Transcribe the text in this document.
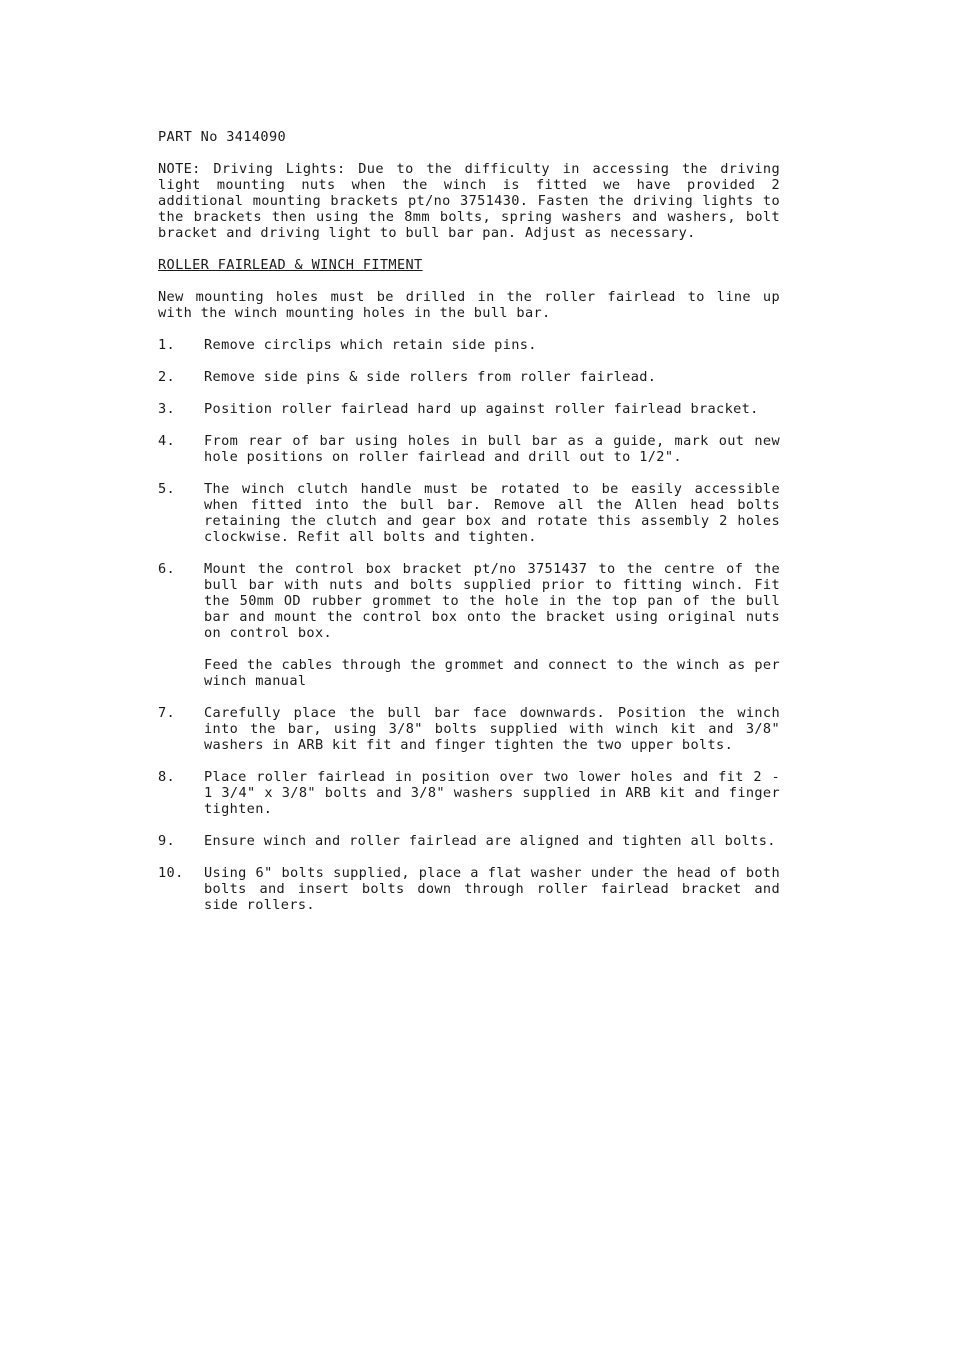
PART No 3414090

NOTE: Driving Lights: Due to the difficulty in accessing the driving light mounting nuts when the winch is fitted we have provided 2 additional mounting brackets pt/no 3751430. Fasten the driving lights to the brackets then using the 8mm bolts, spring washers and washers, bolt bracket and driving light to bull bar pan. Adjust as necessary.

ROLLER FAIRLEAD & WINCH FITMENT

New mounting holes must be drilled in the roller fairlead to line up with the winch mounting holes in the bull bar.

1.	Remove circlips which retain side pins.

2.	Remove side pins & side rollers from roller fairlead.

3.	Position roller fairlead hard up against roller fairlead bracket.

4.	From rear of bar using holes in bull bar as a guide, mark out new hole positions on roller fairlead and drill out to 1/2".

5.	The winch clutch handle must be rotated to be easily accessible when fitted into the bull bar. Remove all the Allen head bolts retaining the clutch and gear box and rotate this assembly 2 holes clockwise. Refit all bolts and tighten.

6.	Mount the control box bracket pt/no 3751437 to the centre of the bull bar with nuts and bolts supplied prior to fitting winch. Fit the 50mm OD rubber grommet to the hole in the top pan of the bull bar and mount the control box onto the bracket using original nuts on control box.

Feed the cables through the grommet and connect to the winch as per winch manual

7.	Carefully place the bull bar face downwards. Position the winch into the bar, using 3/8" bolts supplied with winch kit and 3/8" washers in ARB kit fit and finger tighten the two upper bolts.

8.	Place roller fairlead in position over two lower holes and fit 2 - 1 3/4" x 3/8" bolts and 3/8" washers supplied in ARB kit and finger tighten.

9.	Ensure winch and roller fairlead are aligned and tighten all bolts.

10.	Using 6" bolts supplied, place a flat washer under the head of both bolts and insert bolts down through roller fairlead bracket and side rollers.
